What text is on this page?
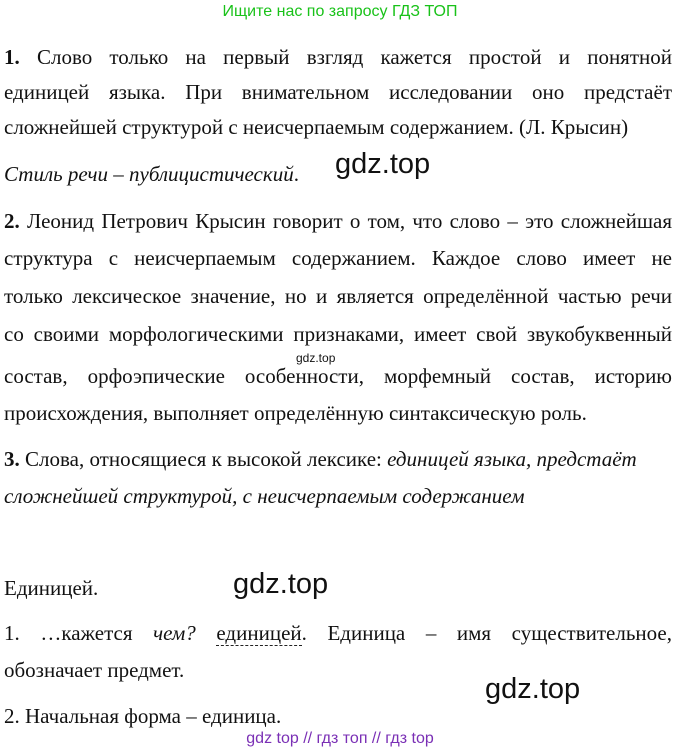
Ищите нас по запросу ГДЗ ТОП
1. Слово только на первый взгляд кажется простой и понятной
единицей языка. При внимательном исследовании оно предстаёт
сложнейшей структурой с неисчерпаемым содержанием. (Л. Крысин)
Стиль речи – публицистический.
2. Леонид Петрович Крысин говорит о том, что слово – это сложнейшая
структура с неисчерпаемым содержанием. Каждое слово имеет не
только лексическое значение, но и является определённой частью речи
со своими морфологическими признаками, имеет свой звукобуквенный
состав, орфоэпические особенности, морфемный состав, историю
происхождения, выполняет определённую синтаксическую роль.
3. Слова, относящиеся к высокой лексике: единицей языка, предстаёт
сложнейшей структурой, с неисчерпаемым содержанием
Единицей.
1. …кажется чем? единицей. Единица – имя существительное,
обозначает предмет.
2. Начальная форма – единица.
gdz.top
gdz.top
gdz.top
gdz.top
gdz top // гдз топ // гдз top
